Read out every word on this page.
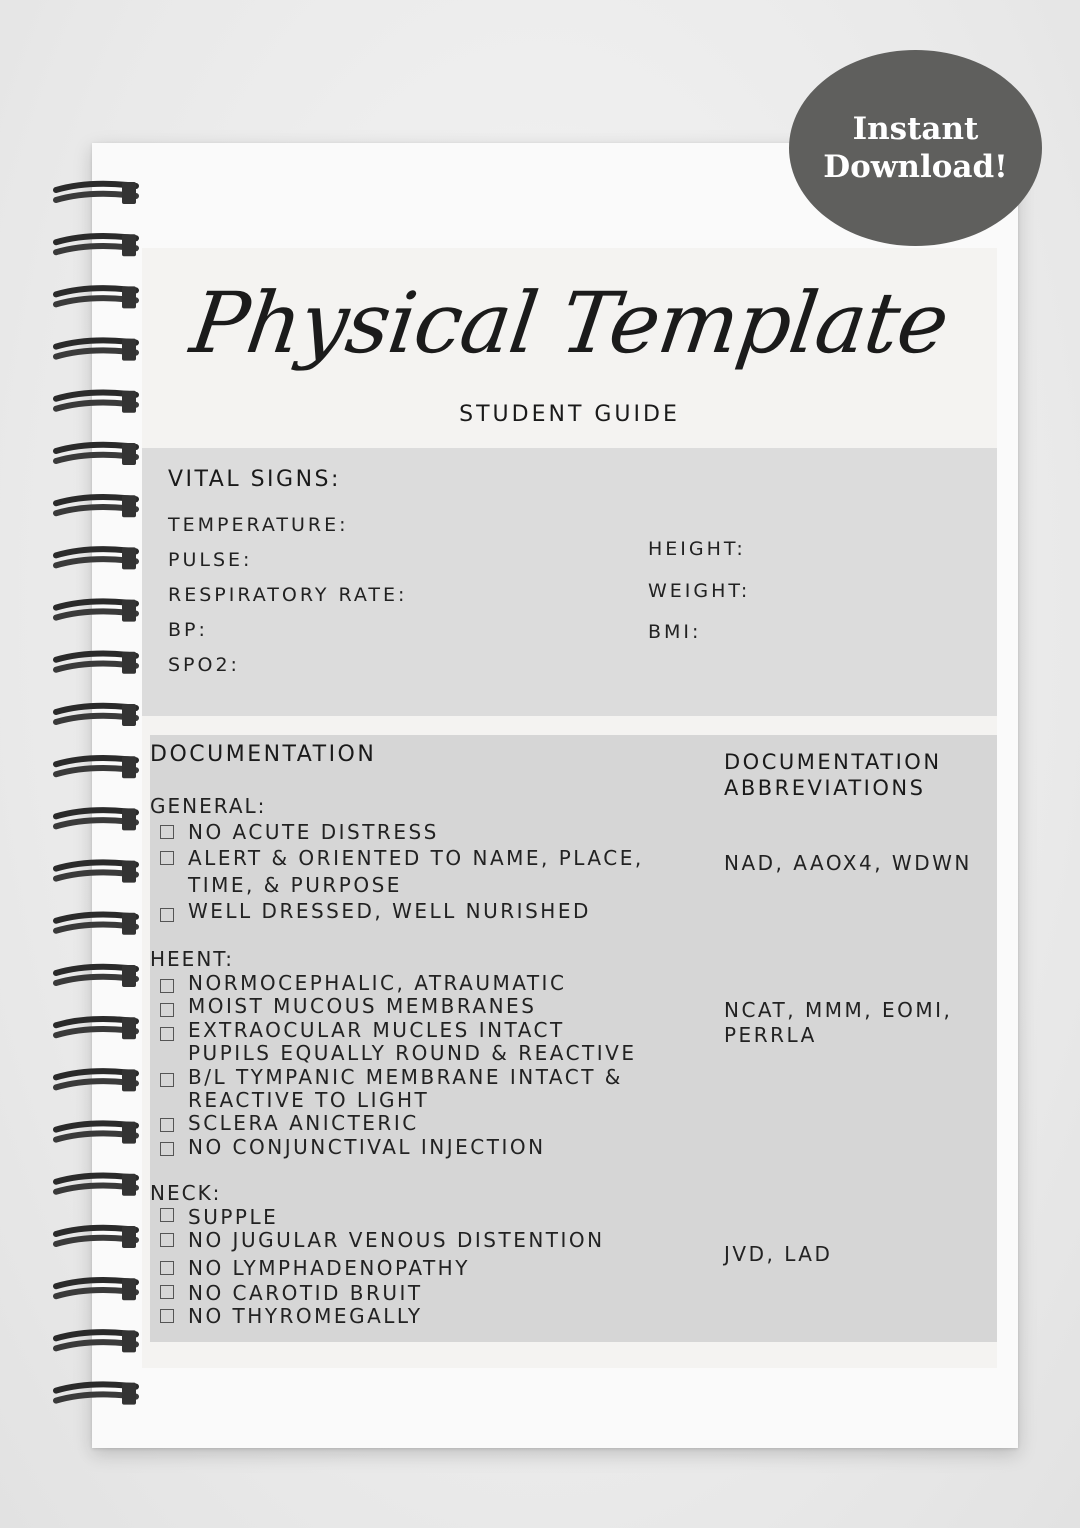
Physical Template
STUDENT GUIDE
VITAL SIGNS:
TEMPERATURE:
PULSE:
RESPIRATORY RATE:
BP:
SPO2:
HEIGHT:
WEIGHT:
BMI:
DOCUMENTATION	DOCUMENTATION ABBREVIATIONS
GENERAL:
NO ACUTE DISTRESS
ALERT & ORIENTED TO NAME, PLACE,
TIME, & PURPOSE
WELL DRESSED, WELL NURISHED
NAD, AAOX4, WDWN
HEENT:
NORMOCEPHALIC, ATRAUMATIC
MOIST MUCOUS MEMBRANES
EXTRAOCULAR MUCLES INTACT
PUPILS EQUALLY ROUND & REACTIVE
B/L TYMPANIC MEMBRANE INTACT &
REACTIVE TO LIGHT
SCLERA ANICTERIC
NO CONJUNCTIVAL INJECTION
NCAT, MMM, EOMI, PERRLA
NECK:
SUPPLE
NO JUGULAR VENOUS DISTENTION
NO LYMPHADENOPATHY
NO CAROTID BRUIT
NO THYROMEGALLY
JVD, LAD
Instant
Download!
